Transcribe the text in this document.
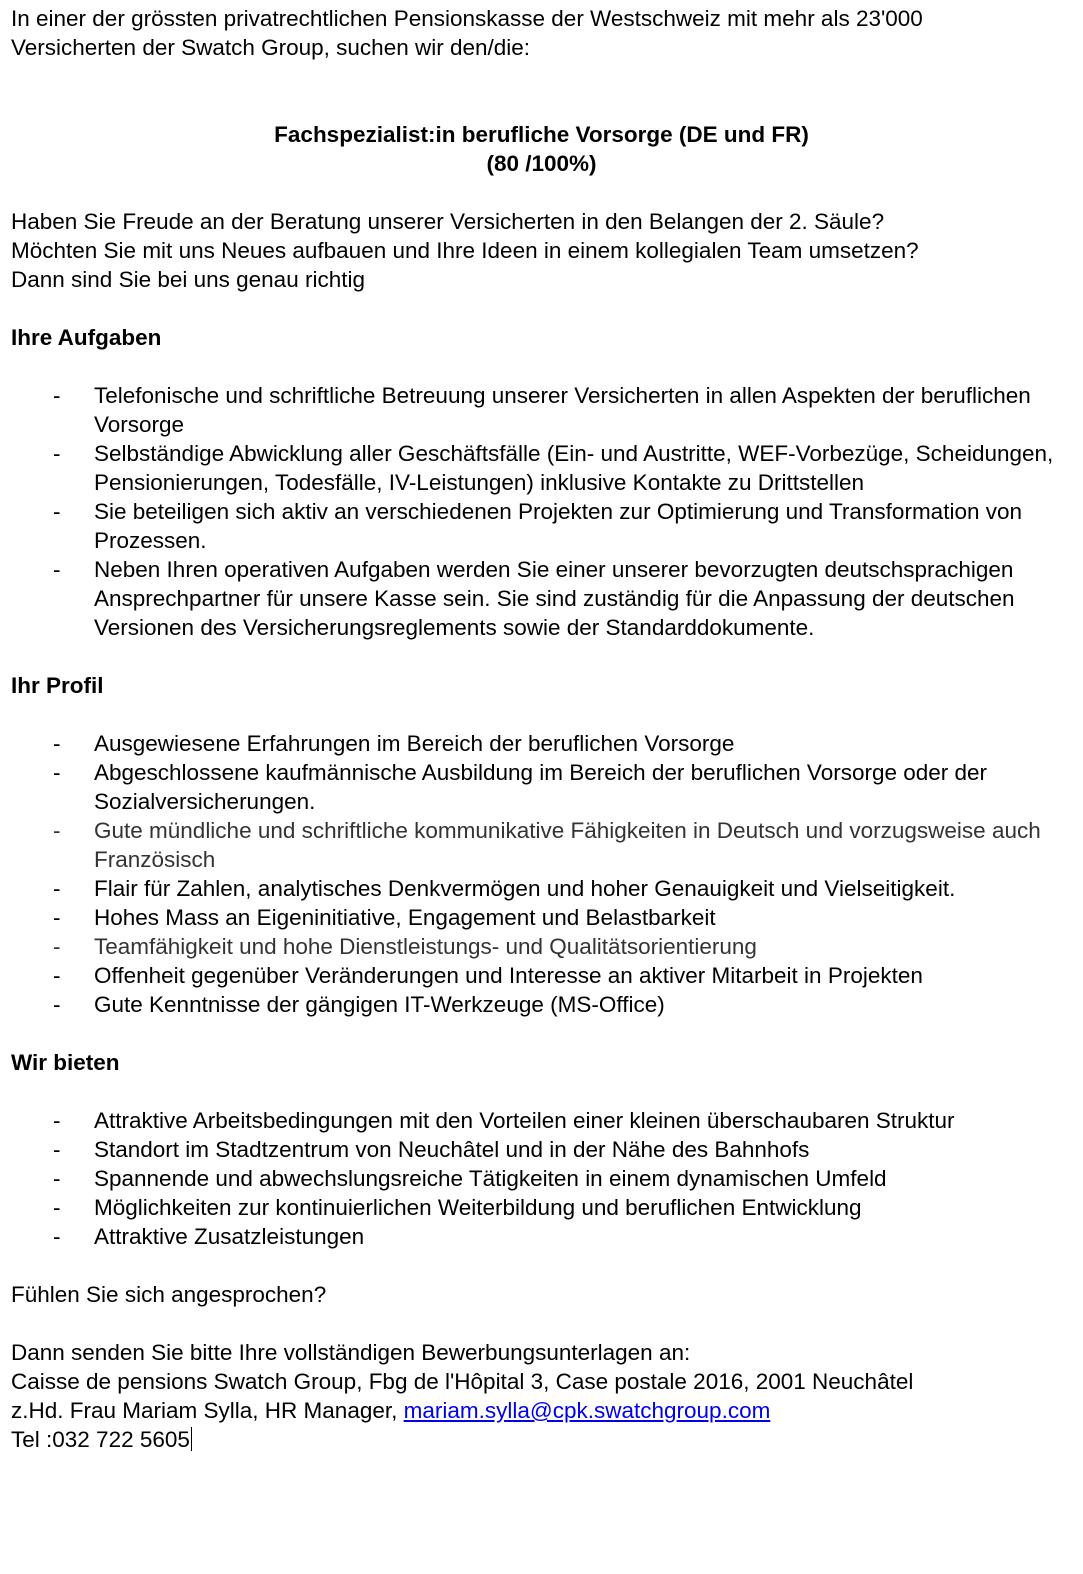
In einer der grössten privatrechtlichen Pensionskasse der Westschweiz mit mehr als 23'000

Versicherten der Swatch Group, suchen wir den/die:

Fachspezialist:in berufliche Vorsorge (DE und FR)

(80 /100%)

Haben Sie Freude an der Beratung unserer Versicherten in den Belangen der 2. Säule?

Möchten Sie mit uns Neues aufbauen und Ihre Ideen in einem kollegialen Team umsetzen?

Dann sind Sie bei uns genau richtig

Ihre Aufgaben

- Telefonische und schriftliche Betreuung unserer Versicherten in allen Aspekten der beruflichen Vorsorge
- Selbständige Abwicklung aller Geschäftsfälle (Ein- und Austritte, WEF-Vorbezüge, Scheidungen, Pensionierungen, Todesfälle, IV-Leistungen) inklusive Kontakte zu Drittstellen
- Sie beteiligen sich aktiv an verschiedenen Projekten zur Optimierung und Transformation von Prozessen.
- Neben Ihren operativen Aufgaben werden Sie einer unserer bevorzugten deutschsprachigen Ansprechpartner für unsere Kasse sein. Sie sind zuständig für die Anpassung der deutschen Versionen des Versicherungsreglements sowie der Standarddokumente.

Ihr Profil

- Ausgewiesene Erfahrungen im Bereich der beruflichen Vorsorge
- Abgeschlossene kaufmännische Ausbildung im Bereich der beruflichen Vorsorge oder der Sozialversicherungen.
- Gute mündliche und schriftliche kommunikative Fähigkeiten in Deutsch und vorzugsweise auch Französisch
- Flair für Zahlen, analytisches Denkvermögen und hoher Genauigkeit und Vielseitigkeit.
- Hohes Mass an Eigeninitiative, Engagement und Belastbarkeit
- Teamfähigkeit und hohe Dienstleistungs- und Qualitätsorientierung
- Offenheit gegenüber Veränderungen und Interesse an aktiver Mitarbeit in Projekten
- Gute Kenntnisse der gängigen IT-Werkzeuge (MS-Office)

Wir bieten

- Attraktive Arbeitsbedingungen mit den Vorteilen einer kleinen überschaubaren Struktur
- Standort im Stadtzentrum von Neuchâtel und in der Nähe des Bahnhofs
- Spannende und abwechslungsreiche Tätigkeiten in einem dynamischen Umfeld
- Möglichkeiten zur kontinuierlichen Weiterbildung und beruflichen Entwicklung
- Attraktive Zusatzleistungen

Fühlen Sie sich angesprochen?

Dann senden Sie bitte Ihre vollständigen Bewerbungsunterlagen an:

Caisse de pensions Swatch Group, Fbg de l'Hôpital 3, Case postale 2016, 2001 Neuchâtel

z.Hd. Frau Mariam Sylla, HR Manager, mariam.sylla@cpk.swatchgroup.com

Tel :032 722 5605
